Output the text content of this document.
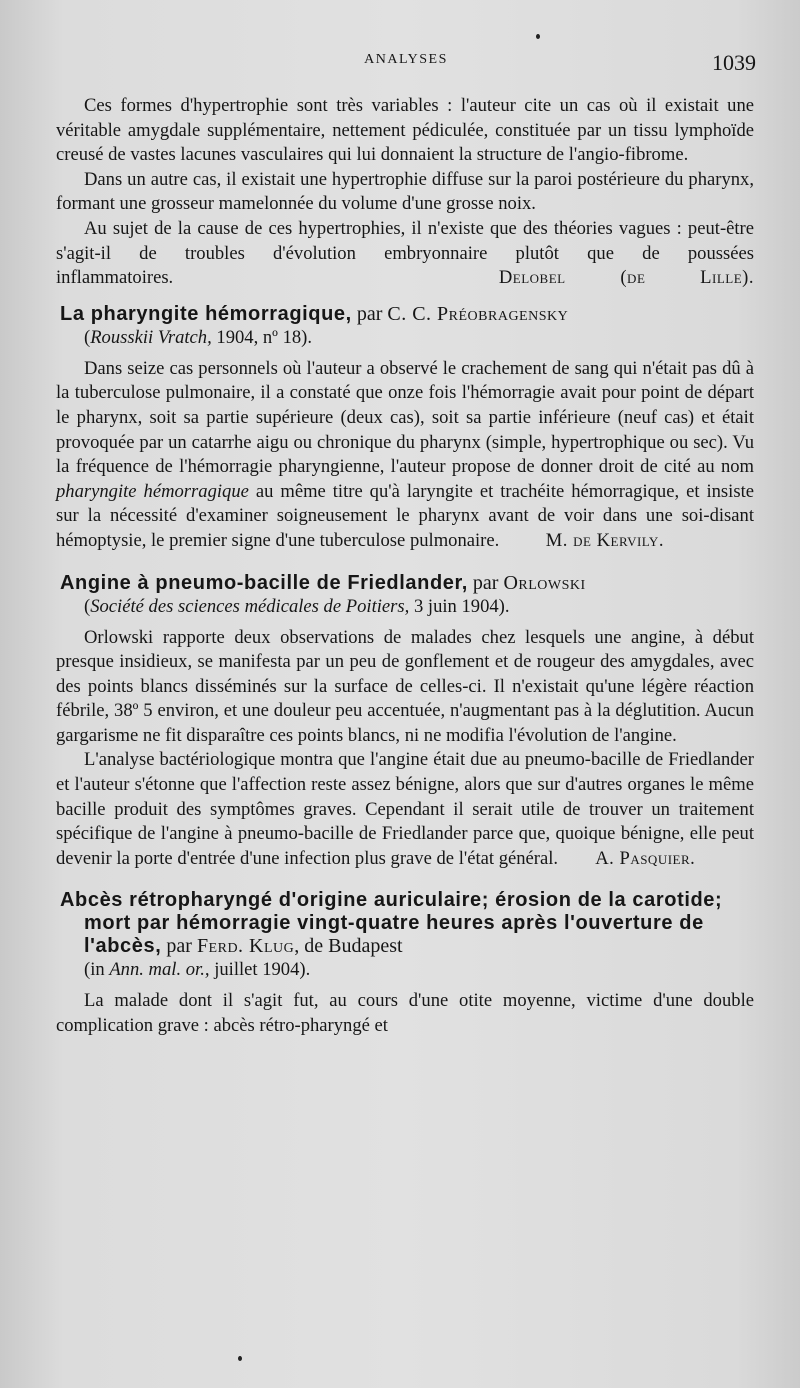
ANALYSES	1039

Ces formes d'hypertrophie sont très variables : l'auteur cite un cas où il existait une véritable amygdale supplémentaire, nettement pédiculée, constituée par un tissu lymphoïde creusé de vastes lacunes vasculaires qui lui donnaient la structure de l'angio-fibrome.

Dans un autre cas, il existait une hypertrophie diffuse sur la paroi postérieure du pharynx, formant une grosseur mamelonnée du volume d'une grosse noix.

Au sujet de la cause de ces hypertrophies, il n'existe que des théories vagues : peut-être s'agit-il de troubles d'évolution embryonnaire plutôt que de poussées inflammatoires.	Delobel (de Lille).

La pharyngite hémorragique, par C. C. Préobragensky
(Rousskii Vratch, 1904, nº 18).

Dans seize cas personnels où l'auteur a observé le crachement de sang qui n'était pas dû à la tuberculose pulmonaire, il a constaté que onze fois l'hémorragie avait pour point de départ le pharynx, soit sa partie supérieure (deux cas), soit sa partie inférieure (neuf cas) et était provoquée par un catarrhe aigu ou chronique du pharynx (simple, hypertrophique ou sec). Vu la fréquence de l'hémorragie pharyngienne, l'auteur propose de donner droit de cité au nom pharyngite hémorragique au même titre qu'à laryngite et trachéite hémorragique, et insiste sur la nécessité d'examiner soigneusement le pharynx avant de voir dans une soi-disant hémoptysie, le premier signe d'une tuberculose pulmonaire. M. de Kervily.

Angine à pneumo-bacille de Friedlander, par Orlowski
(Société des sciences médicales de Poitiers, 3 juin 1904).

Orlowski rapporte deux observations de malades chez lesquels une angine, à début presque insidieux, se manifesta par un peu de gonflement et de rougeur des amygdales, avec des points blancs disséminés sur la surface de celles-ci. Il n'existait qu'une légère réaction fébrile, 38º 5 environ, et une douleur peu accentuée, n'augmentant pas à la déglutition. Aucun gargarisme ne fit disparaître ces points blancs, ni ne modifia l'évolution de l'angine.

L'analyse bactériologique montra que l'angine était due au pneumo-bacille de Friedlander et l'auteur s'étonne que l'affection reste assez bénigne, alors que sur d'autres organes le même bacille produit des symptômes graves. Cependant il serait utile de trouver un traitement spécifique de l'angine à pneumo-bacille de Friedlander parce que, quoique bénigne, elle peut devenir la porte d'entrée d'une infection plus grave de l'état général. A. Pasquier.

Abcès rétropharyngé d'origine auriculaire; érosion de la carotide; mort par hémorragie vingt-quatre heures après l'ouverture de l'abcès, par Ferd. Klug, de Budapest
(in Ann. mal. or., juillet 1904).

La malade dont il s'agit fut, au cours d'une otite moyenne, victime d'une double complication grave : abcès rétro-pharyngé et
